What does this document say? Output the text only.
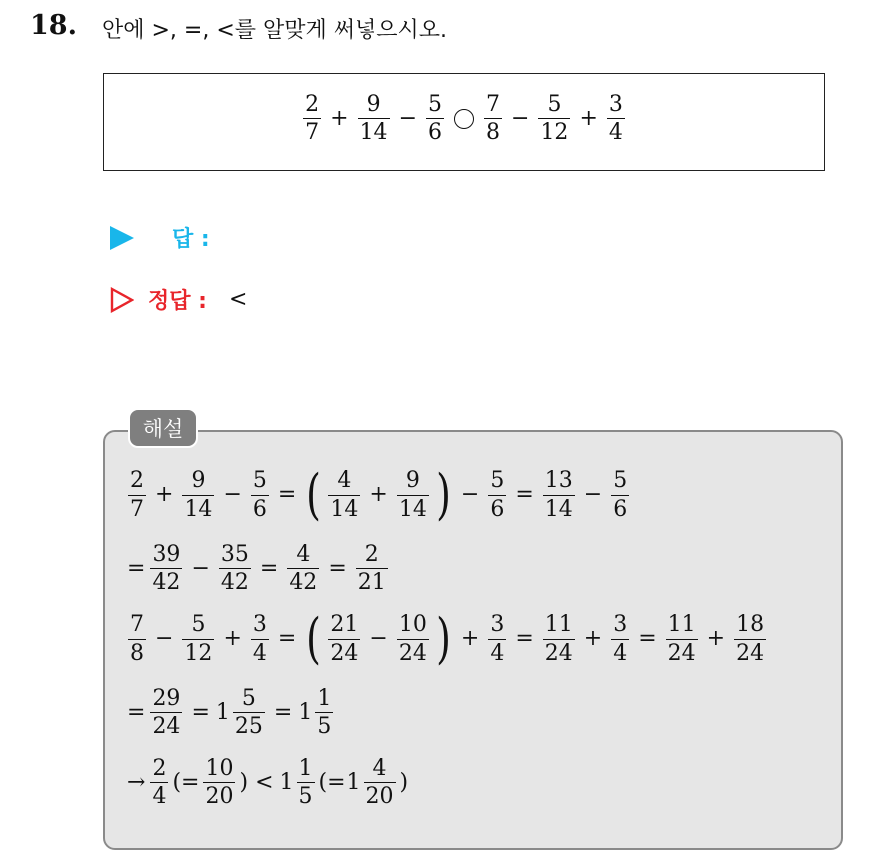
18. 안에 >, =, <를 알맞게 써넣으시오.
$\frac{2}{7} + \frac{9}{14} - \frac{5}{6} \frac{7}{8} - \frac{5}{12} + \frac{3}{4}$
답 :
정답 : <
해설
$\frac{2}{7} + \frac{9}{14} - \frac{5}{6}$ = ( $\frac{4}{14} + \frac{9}{14}$ ) − $\frac{5}{6} = \frac{13}{14} - \frac{5}{6}$
= $\frac{39}{42} - \frac{35}{42} = \frac{4}{42} = \frac{2}{21}$
$\frac{7}{8} - \frac{5}{12} + \frac{3}{4}$ = ( $\frac{21}{24} - \frac{10}{24}$ ) + $\frac{3}{4} = \frac{11}{24} + \frac{3}{4} = \frac{11}{24} + \frac{18}{24}$
= $\frac{29}{24} = 1 \frac{5}{25} = 1 \frac{1}{5}$
→ $\frac{2}{4}$ (= $\frac{10}{20}$ ) < $1 \frac{1}{5}$ (= $1 \frac{4}{20}$ )
